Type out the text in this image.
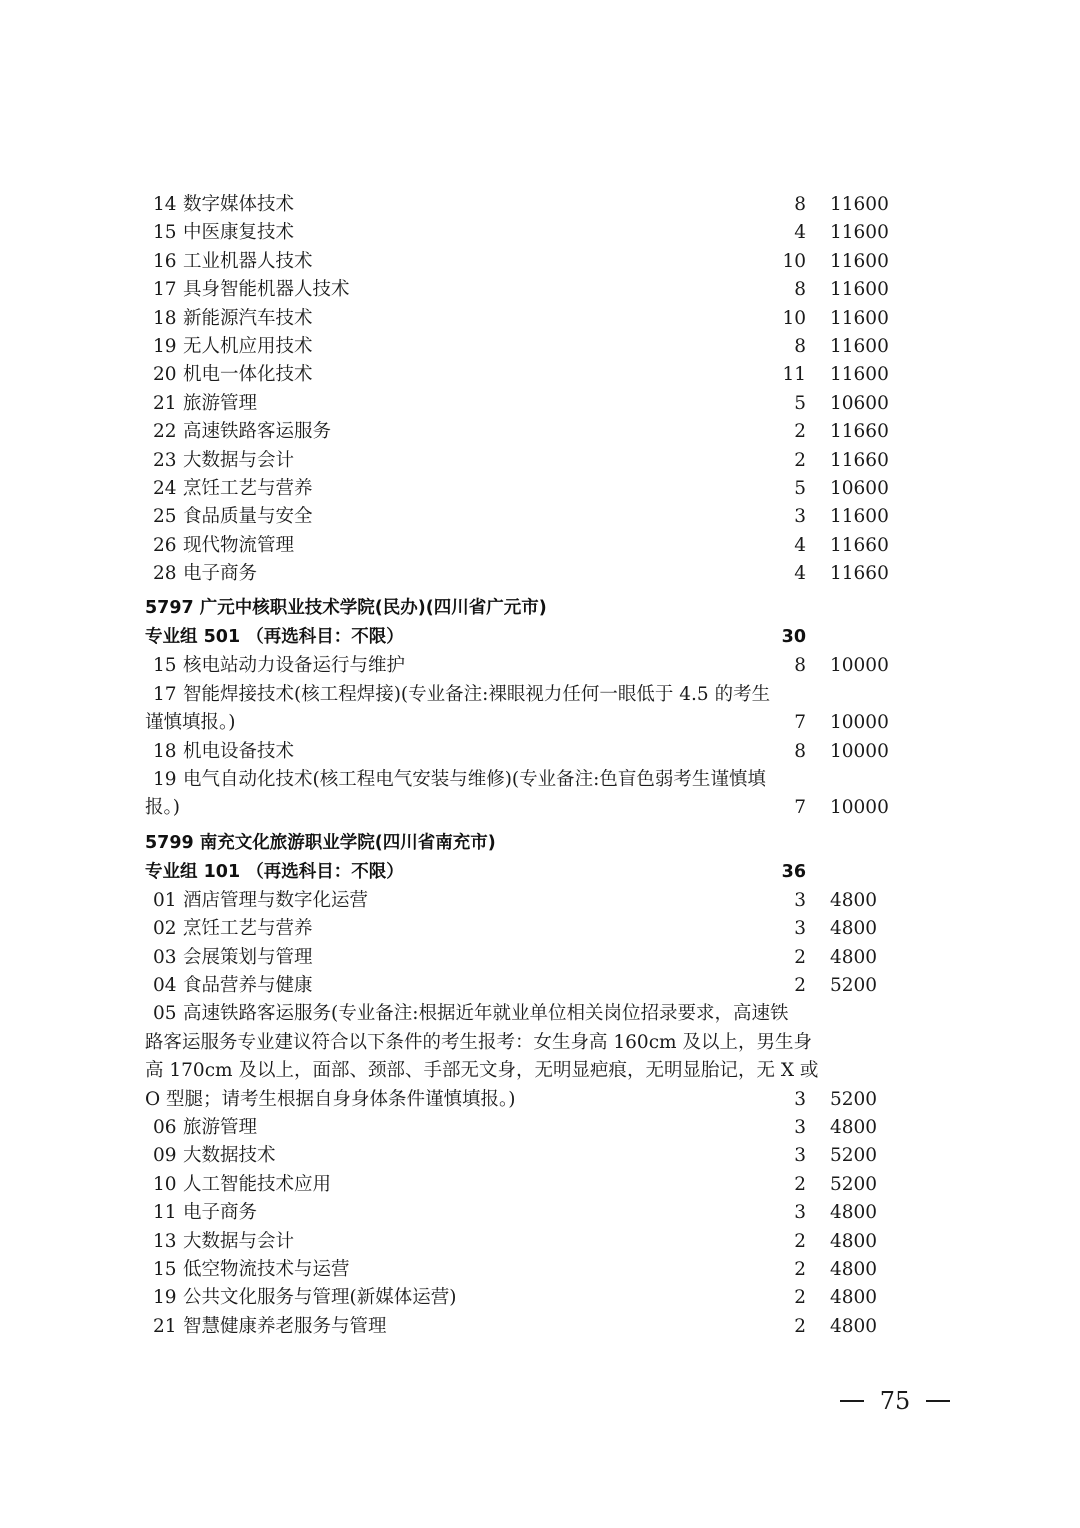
14 数字媒体技术	8 11600
15 中医康复技术	4 11600
16 工业机器人技术	10 11600
17 具身智能机器人技术	8 11600
18 新能源汽车技术	10 11600
19 无人机应用技术	8 11600
20 机电一体化技术	11 11600
21 旅游管理	5 10600
22 高速铁路客运服务	2 11660
23 大数据与会计	2 11660
24 烹饪工艺与营养	5 10600
25 食品质量与安全	3 11600
26 现代物流管理	4 11660
28 电子商务	4 11660
5797 广元中核职业技术学院(民办)(四川省广元市)
专业组 501 （再选科目：不限）	30
15 核电站动力设备运行与维护	8 10000
17 智能焊接技术(核工程焊接)(专业备注:裸眼视力任何一眼低于 4.5 的考生
谨慎填报。)	7 10000
18 机电设备技术	8 10000
19 电气自动化技术(核工程电气安装与维修)(专业备注:色盲色弱考生谨慎填
报。)	7 10000
5799 南充文化旅游职业学院(四川省南充市)
专业组 101 （再选科目：不限）	36
01 酒店管理与数字化运营	3 4800
02 烹饪工艺与营养	3 4800
03 会展策划与管理	2 4800
04 食品营养与健康	2 5200
05 高速铁路客运服务(专业备注:根据近年就业单位相关岗位招录要求，高速铁
路客运服务专业建议符合以下条件的考生报考：女生身高 160cm 及以上，男生身
高 170cm 及以上，面部、颈部、手部无文身，无明显疤痕，无明显胎记，无 X 或
O 型腿；请考生根据自身身体条件谨慎填报。)	3 5200
06 旅游管理	3 4800
09 大数据技术	3 5200
10 人工智能技术应用	2 5200
11 电子商务	3 4800
13 大数据与会计	2 4800
15 低空物流技术与运营	2 4800
19 公共文化服务与管理(新媒体运营)	2 4800
21 智慧健康养老服务与管理	2 4800
75
